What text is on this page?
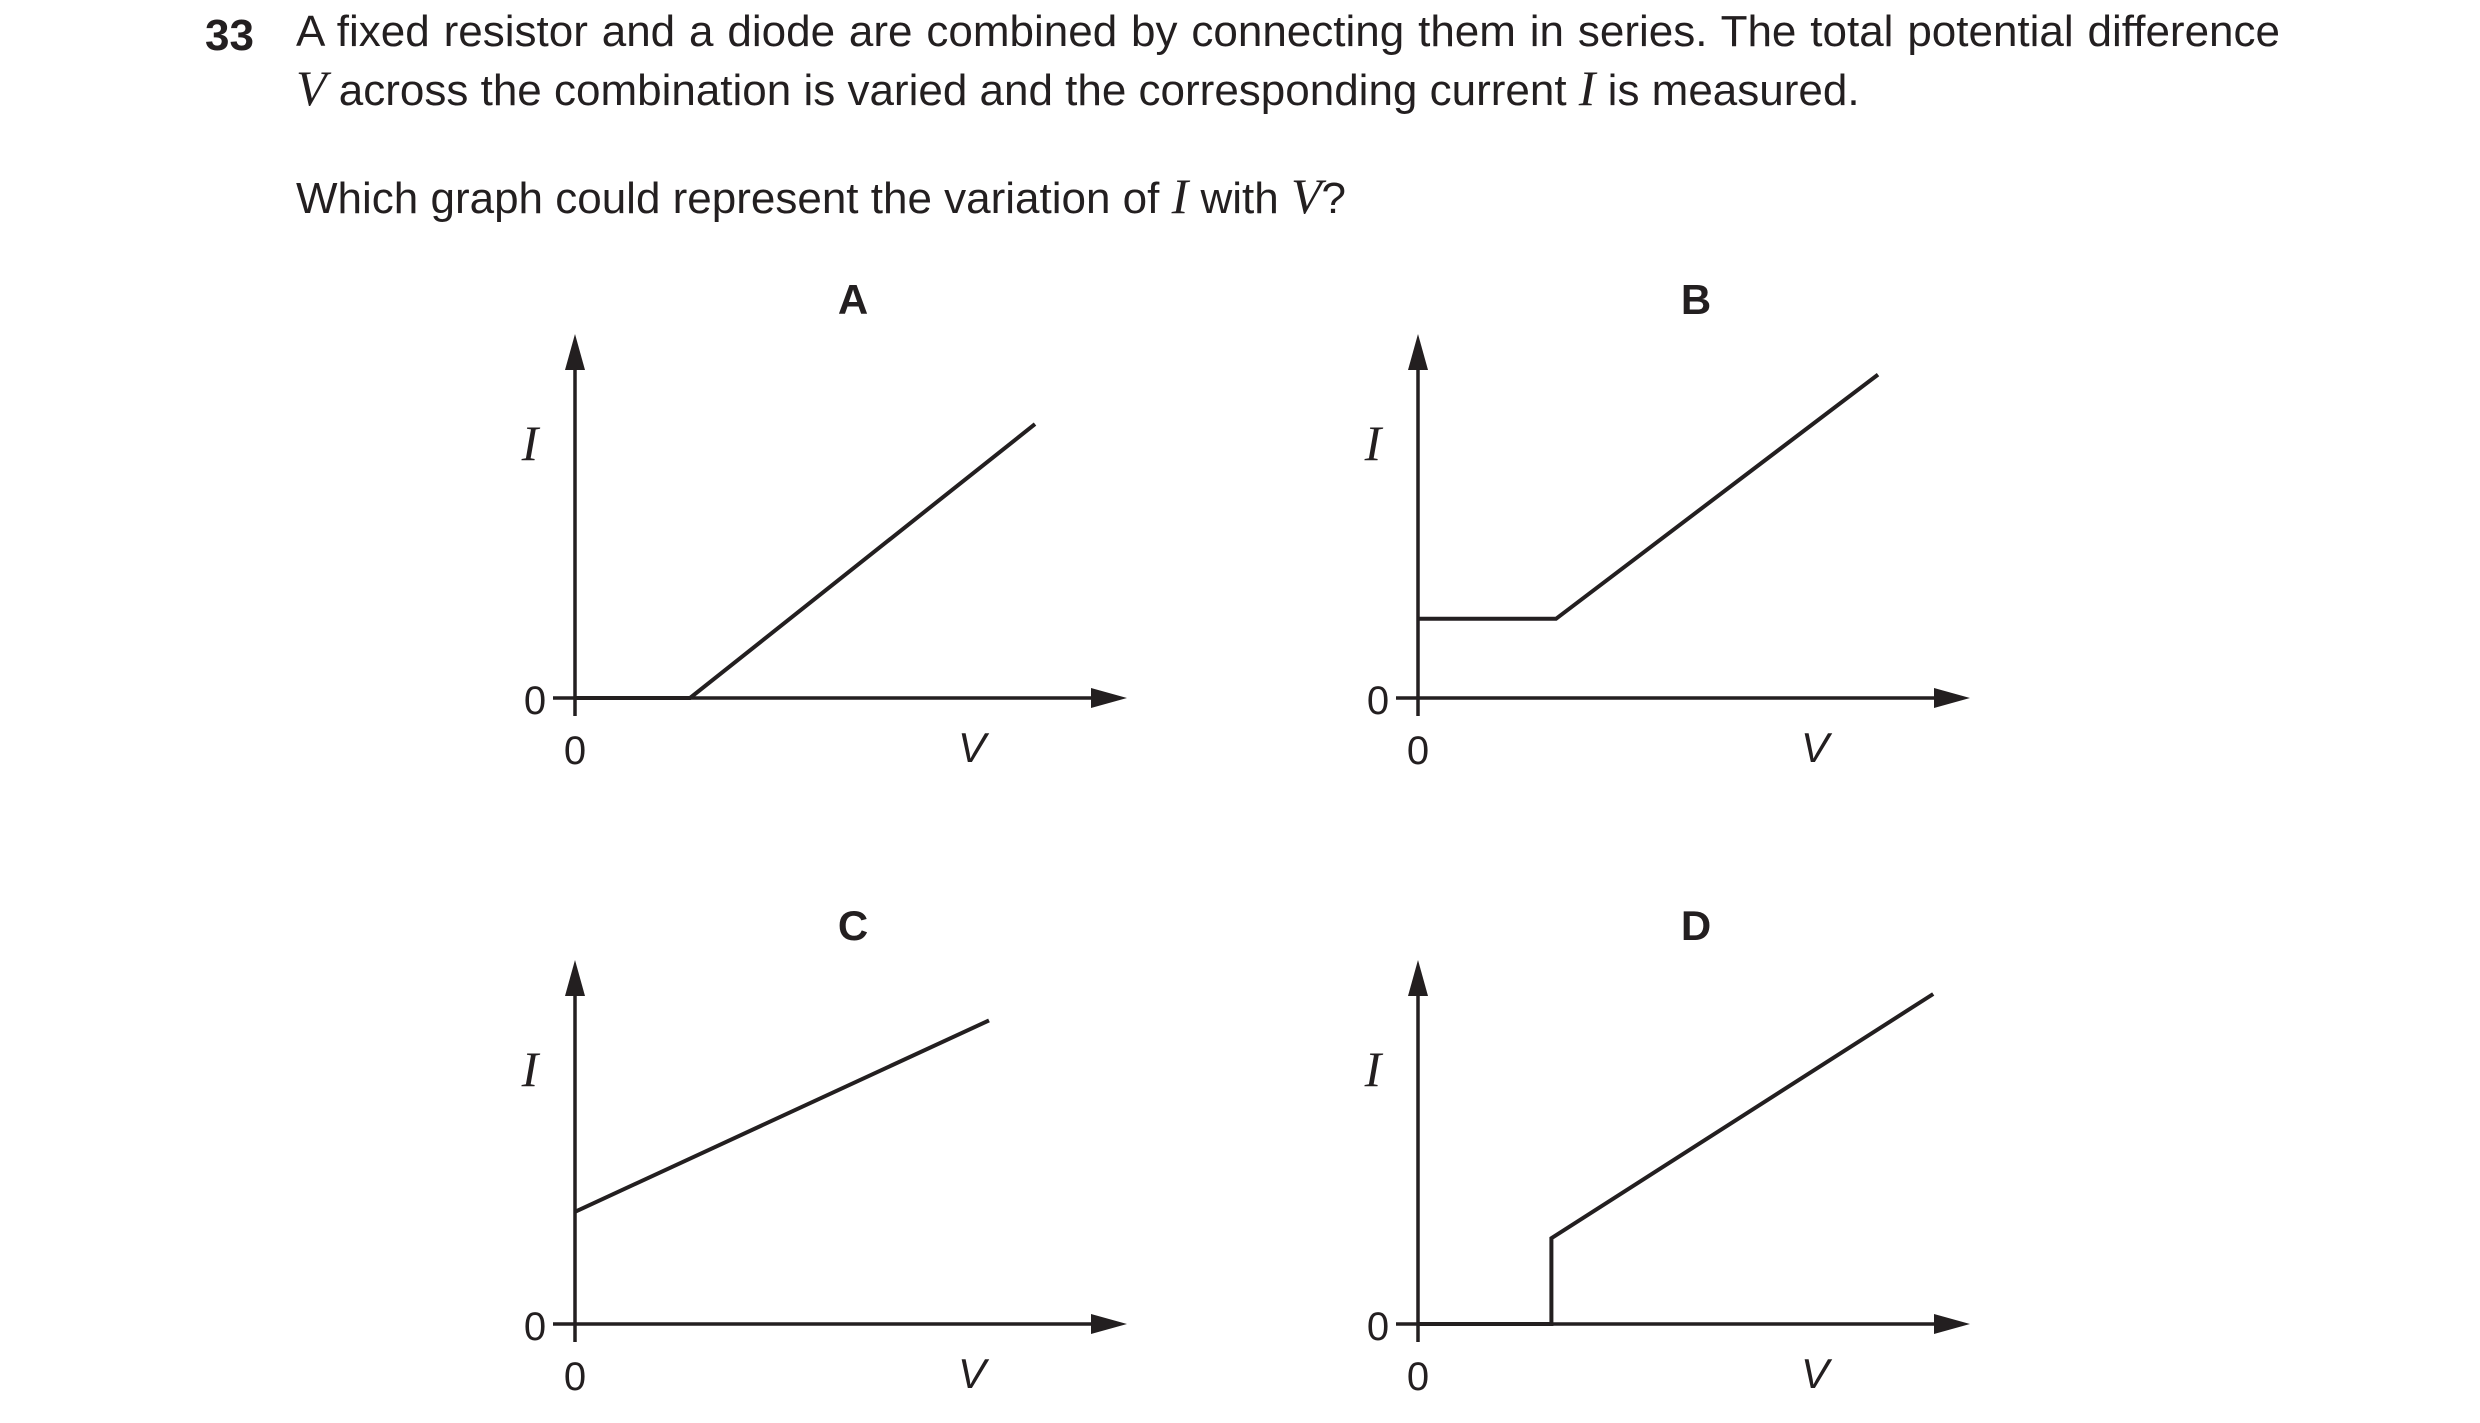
33 A fixed resistor and a diode are combined by connecting them in series. The total potential difference V across the combination is varied and the corresponding current I is measured.
Which graph could represent the variation of I with V?
A
I
V
0
0
B
I
V
0
0
C
I
V
0
0
D
I
V
0
0
